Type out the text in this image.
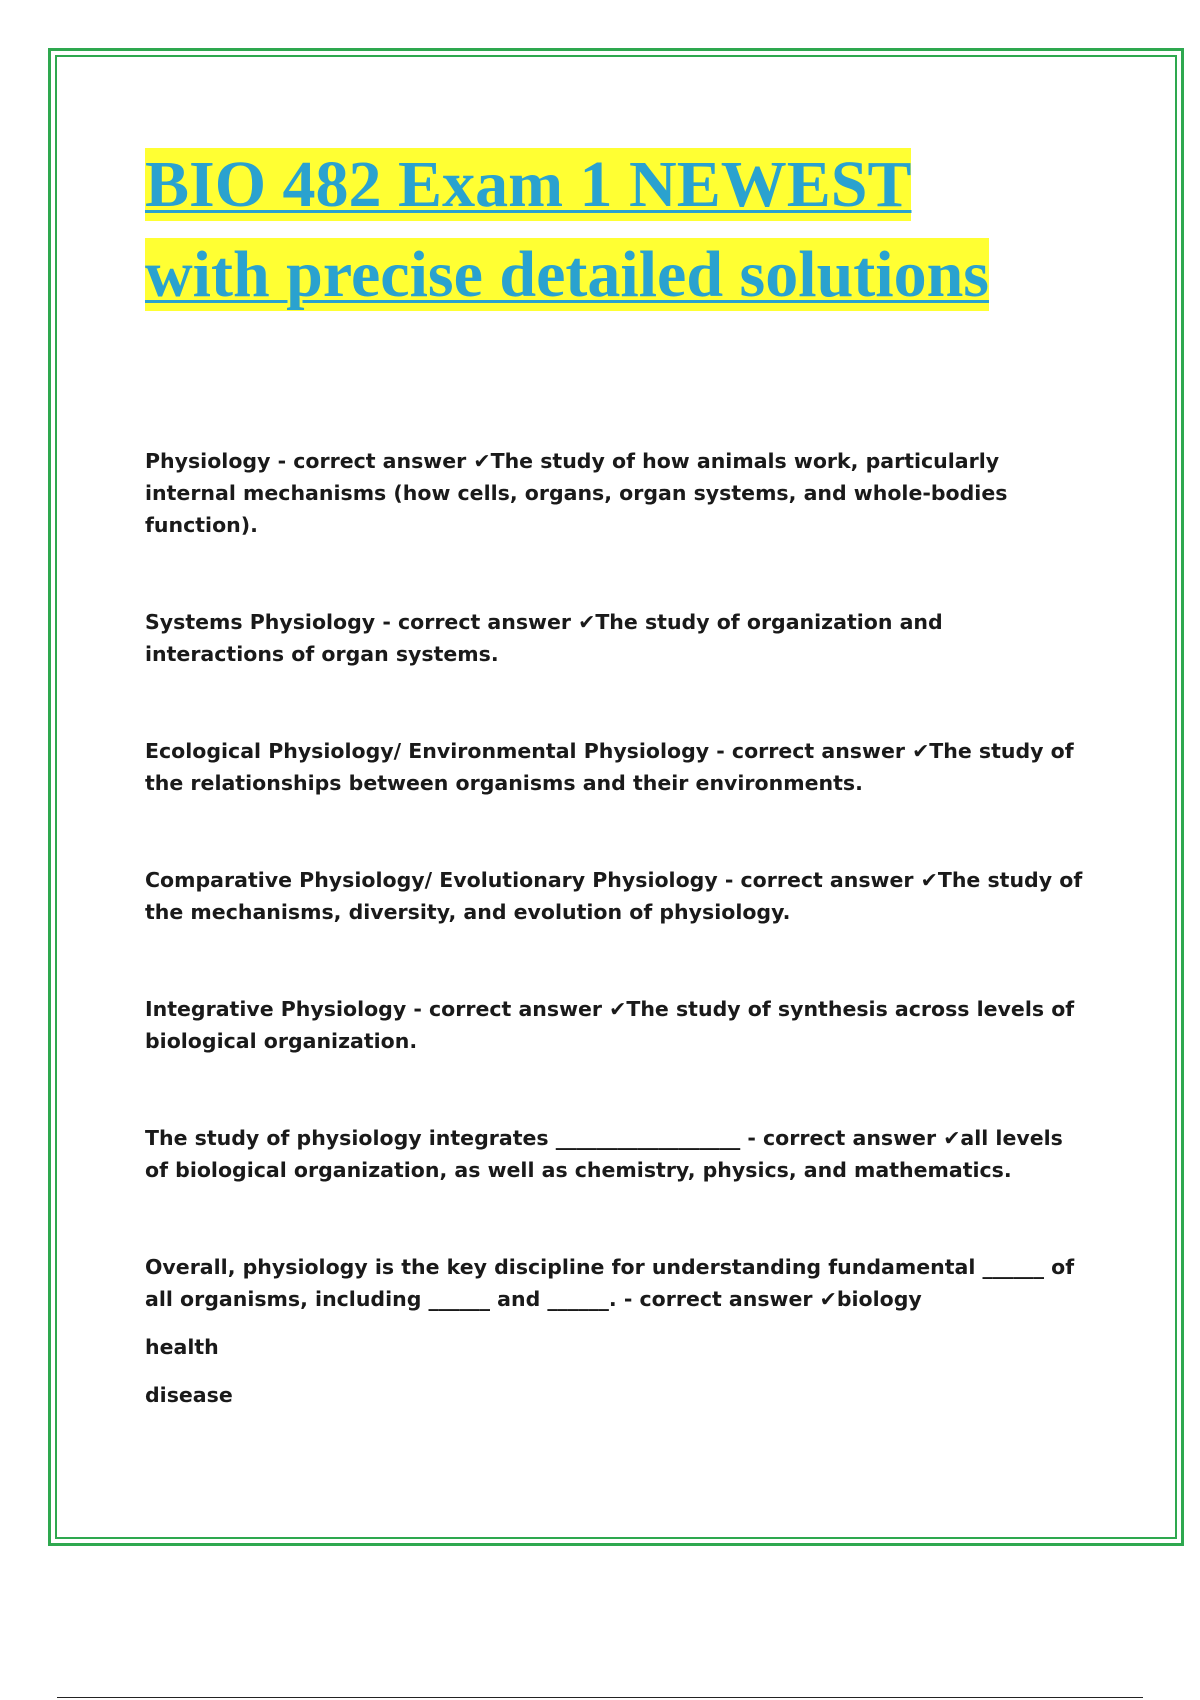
BIO 482 Exam 1 NEWEST
with precise detailed solutions

Physiology - correct answer ✔The study of how animals work, particularly internal mechanisms (how cells, organs, organ systems, and whole-bodies function).

Systems Physiology - correct answer ✔The study of organization and interactions of organ systems.

Ecological Physiology/ Environmental Physiology - correct answer ✔The study of the relationships between organisms and their environments.

Comparative Physiology/ Evolutionary Physiology - correct answer ✔The study of the mechanisms, diversity, and evolution of physiology.

Integrative Physiology - correct answer ✔The study of synthesis across levels of biological organization.

The study of physiology integrates __________________ - correct answer ✔all levels of biological organization, as well as chemistry, physics, and mathematics.

Overall, physiology is the key discipline for understanding fundamental ______ of all organisms, including ______ and ______. - correct answer ✔biology

health

disease
